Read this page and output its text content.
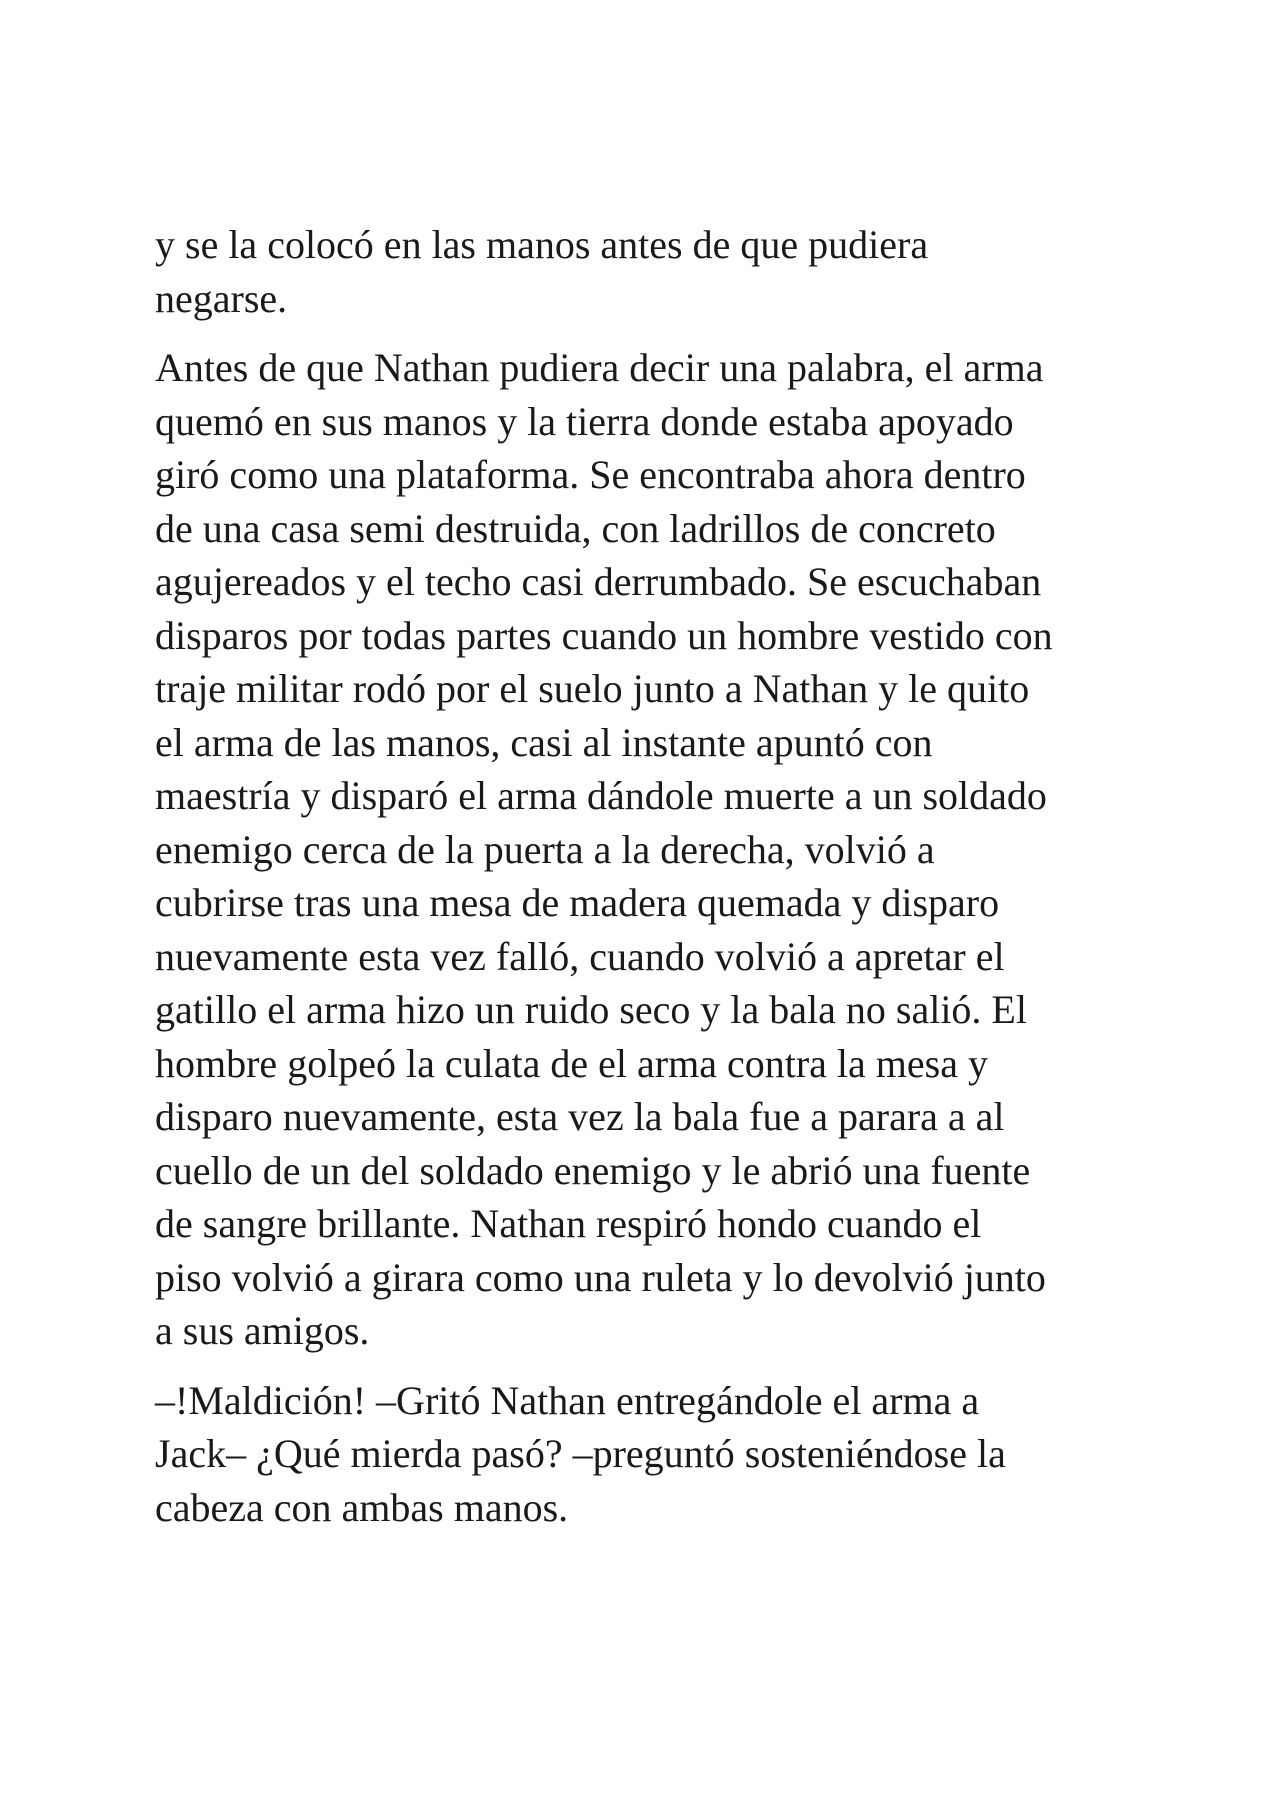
y se la colocó en las manos antes de que pudiera
negarse.

Antes de que Nathan pudiera decir una palabra, el arma
quemó en sus manos y la tierra donde estaba apoyado
giró como una plataforma. Se encontraba ahora dentro
de una casa semi destruida, con ladrillos de concreto
agujereados y el techo casi derrumbado. Se escuchaban
disparos por todas partes cuando un hombre vestido con
traje militar rodó por el suelo junto a Nathan y le quito
el arma de las manos, casi al instante apuntó con
maestría y disparó el arma dándole muerte a un soldado
enemigo cerca de la puerta a la derecha, volvió a
cubrirse tras una mesa de madera quemada y disparo
nuevamente esta vez falló, cuando volvió a apretar el
gatillo el arma hizo un ruido seco y la bala no salió. El
hombre golpeó la culata de el arma contra la mesa y
disparo nuevamente, esta vez la bala fue a parara a al
cuello de un del soldado enemigo y le abrió una fuente
de sangre brillante. Nathan respiró hondo cuando el
piso volvió a girara como una ruleta y lo devolvió junto
a sus amigos.

–!Maldición! –Gritó Nathan entregándole el arma a
Jack– ¿Qué mierda pasó? –preguntó sosteniéndose la
cabeza con ambas manos.
